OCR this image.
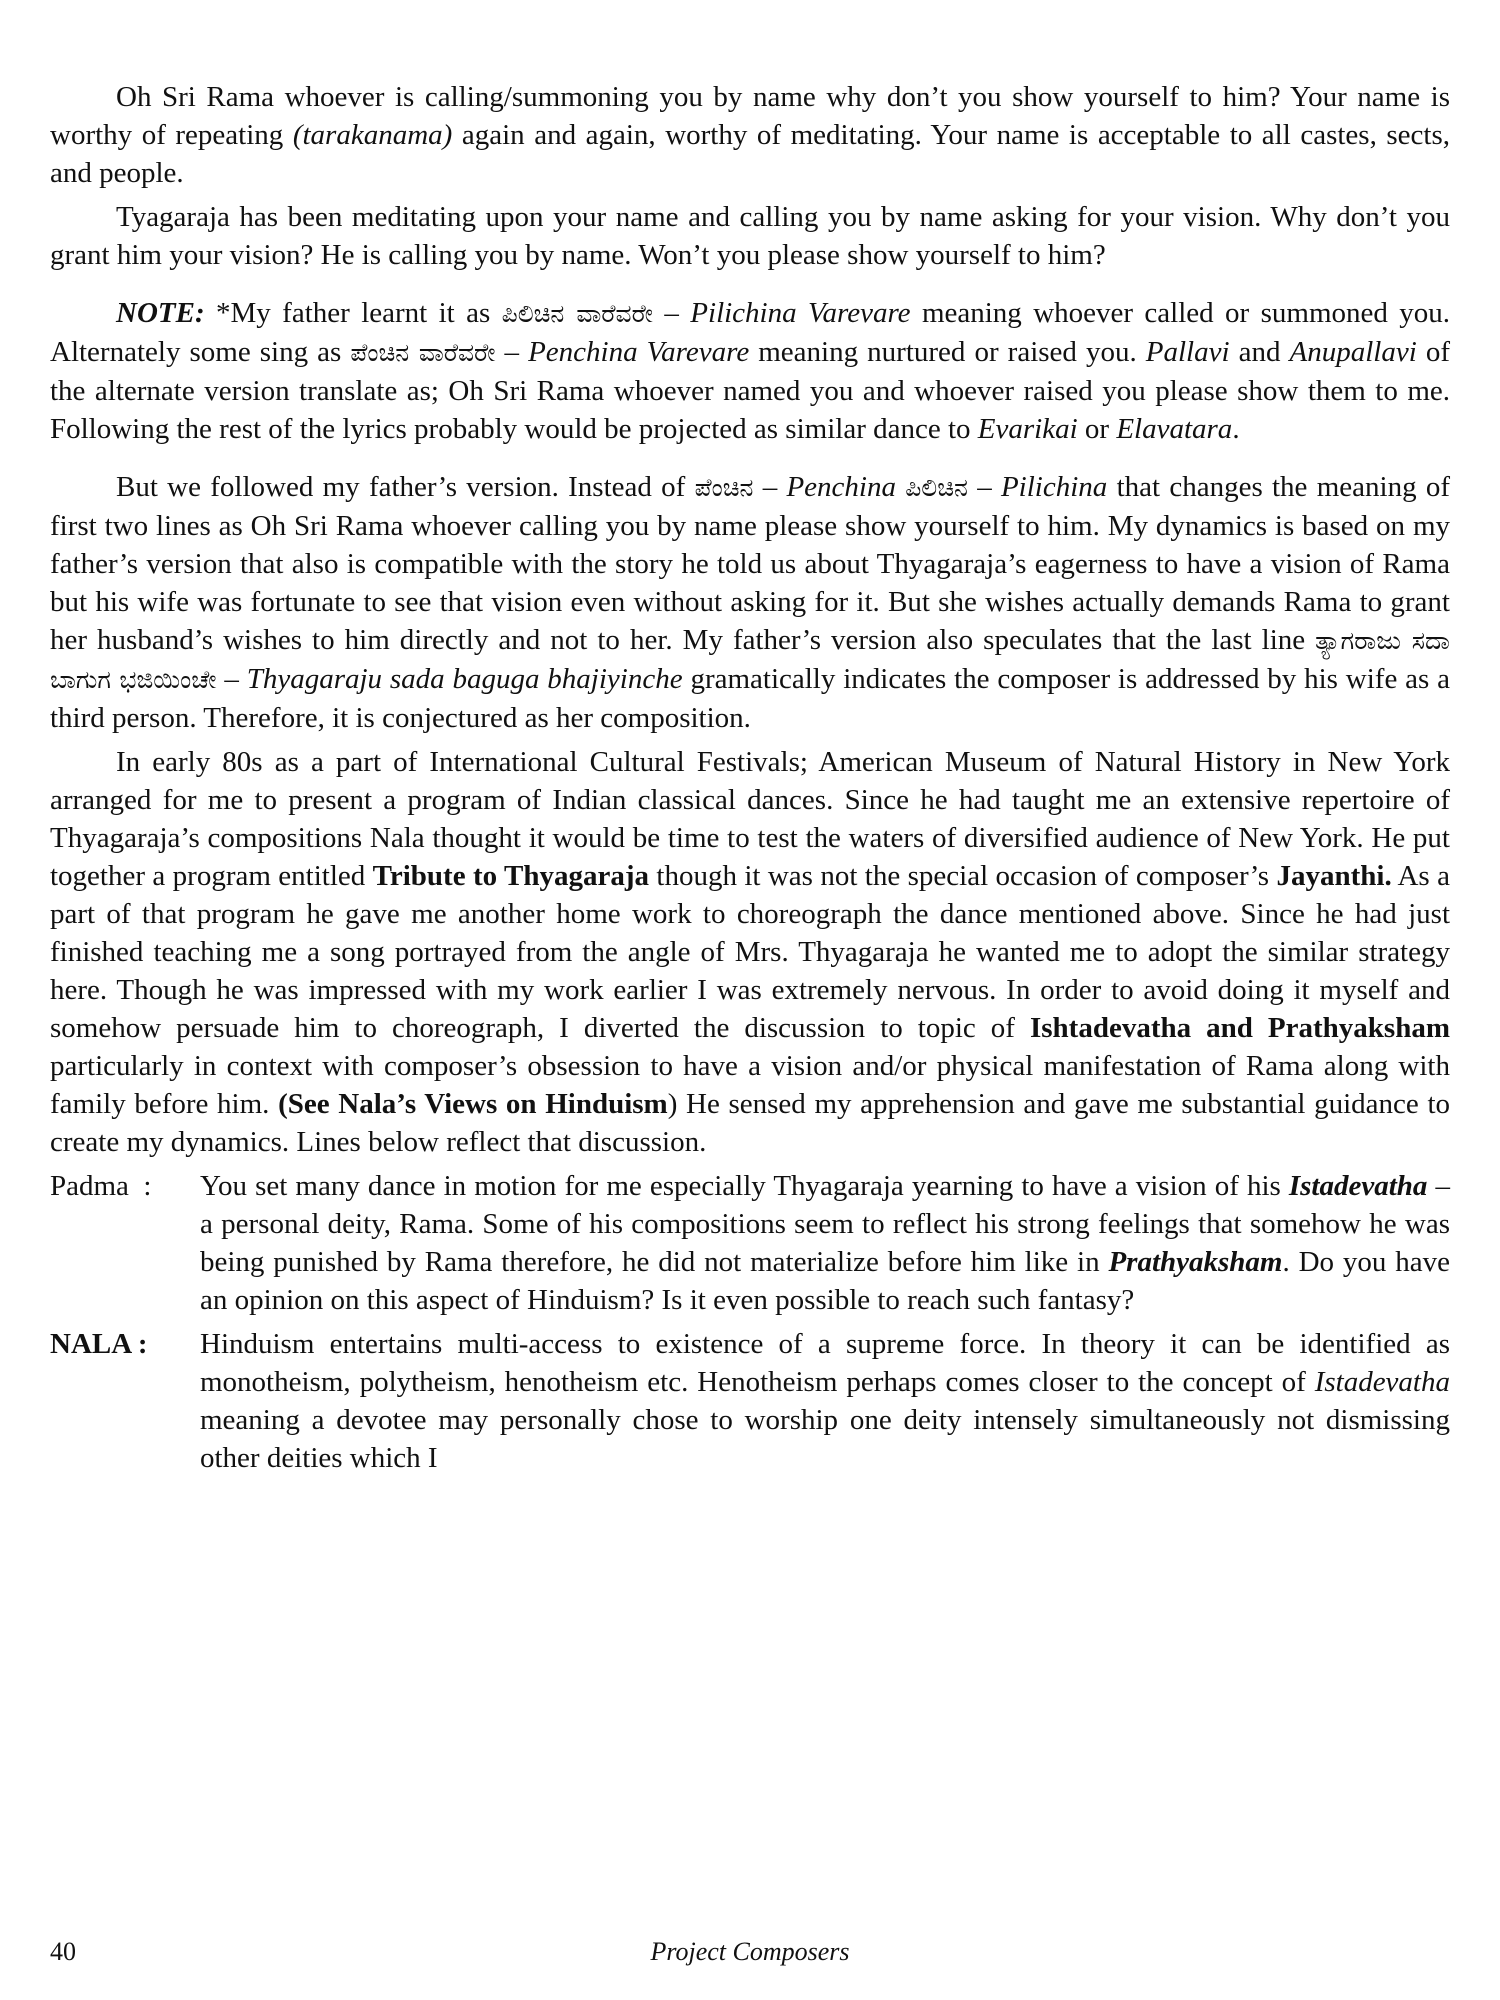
Oh Sri Rama whoever is calling/summoning you by name why don’t you show yourself to him? Your name is worthy of repeating (tarakanama) again and again, worthy of meditating. Your name is acceptable to all castes, sects, and people.

Tyagaraja has been meditating upon your name and calling you by name asking for your vision. Why don’t you grant him your vision? He is calling you by name. Won’t you please show yourself to him?

NOTE: *My father learnt it as ಪಿಲಿಚಿನ ವಾರೆವರೇ – Pilichina Varevare meaning whoever called or summoned you. Alternately some sing as ಪೆಂಚಿನ ವಾರೆವರೇ – Penchina Varevare meaning nurtured or raised you. Pallavi and Anupallavi of the alternate version translate as; Oh Sri Rama whoever named you and whoever raised you please show them to me. Following the rest of the lyrics probably would be projected as similar dance to Evarikai or Elavatara.

But we followed my father’s version. Instead of ಪೆಂಚಿನ – Penchina ಪಿಲಿಚಿನ – Pilichina that changes the meaning of first two lines as Oh Sri Rama whoever calling you by name please show yourself to him. My dynamics is based on my father’s version that also is compatible with the story he told us about Thyagaraja’s eagerness to have a vision of Rama but his wife was fortunate to see that vision even without asking for it. But she wishes actually demands Rama to grant her husband’s wishes to him directly and not to her. My father’s version also speculates that the last line ತ್ಯಾಗರಾಜು ಸದಾ ಬಾಗುಗ ಭಜಿಯಿಂಚೇ – Thyagaraju sada baguga bhajiyinche gramatically indicates the composer is addressed by his wife as a third person. Therefore, it is conjectured as her composition.

In early 80s as a part of International Cultural Festivals; American Museum of Natural History in New York arranged for me to present a program of Indian classical dances. Since he had taught me an extensive repertoire of Thyagaraja’s compositions Nala thought it would be time to test the waters of diversified audience of New York. He put together a program entitled Tribute to Thyagaraja though it was not the special occasion of composer’s Jayanthi. As a part of that program he gave me another home work to choreograph the dance mentioned above. Since he had just finished teaching me a song portrayed from the angle of Mrs. Thyagaraja he wanted me to adopt the similar strategy here. Though he was impressed with my work earlier I was extremely nervous. In order to avoid doing it myself and somehow persuade him to choreograph, I diverted the discussion to topic of Ishtadevatha and Prathyaksham particularly in context with composer’s obsession to have a vision and/or physical manifestation of Rama along with family before him. (See Nala’s Views on Hinduism) He sensed my apprehension and gave me substantial guidance to create my dynamics. Lines below reflect that discussion.

Padma  :	You set many dance in motion for me especially Thyagaraja yearning to have a vision of his Istadevatha – a personal deity, Rama. Some of his compositions seem to reflect his strong feelings that somehow he was being punished by Rama therefore, he did not materialize before him like in Prathyaksham. Do you have an opinion on this aspect of Hinduism? Is it even possible to reach such fantasy?
NALA :	Hinduism entertains multi-access to existence of a supreme force. In theory it can be identified as monotheism, polytheism, henotheism etc. Henotheism perhaps comes closer to the concept of Istadevatha meaning a devotee may personally chose to worship one deity intensely simultaneously not dismissing other deities which I
40	Project Composers
